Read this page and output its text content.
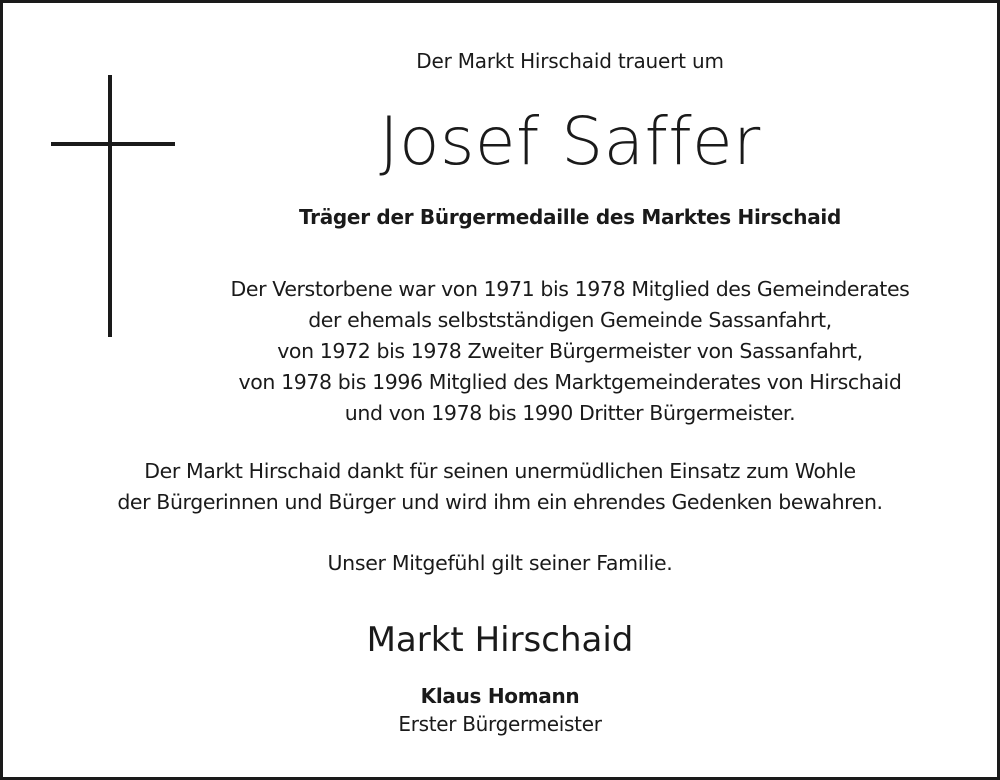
Der Markt Hirschaid trauert um
Josef Saffer
Träger der Bürgermedaille des Marktes Hirschaid
Der Verstorbene war von 1971 bis 1978 Mitglied des Gemeinderates
der ehemals selbstständigen Gemeinde Sassanfahrt,
von 1972 bis 1978 Zweiter Bürgermeister von Sassanfahrt,
von 1978 bis 1996 Mitglied des Marktgemeinderates von Hirschaid
und von 1978 bis 1990 Dritter Bürgermeister.
Der Markt Hirschaid dankt für seinen unermüdlichen Einsatz zum Wohle
der Bürgerinnen und Bürger und wird ihm ein ehrendes Gedenken bewahren.
Unser Mitgefühl gilt seiner Familie.
Markt Hirschaid
Klaus Homann
Erster Bürgermeister
